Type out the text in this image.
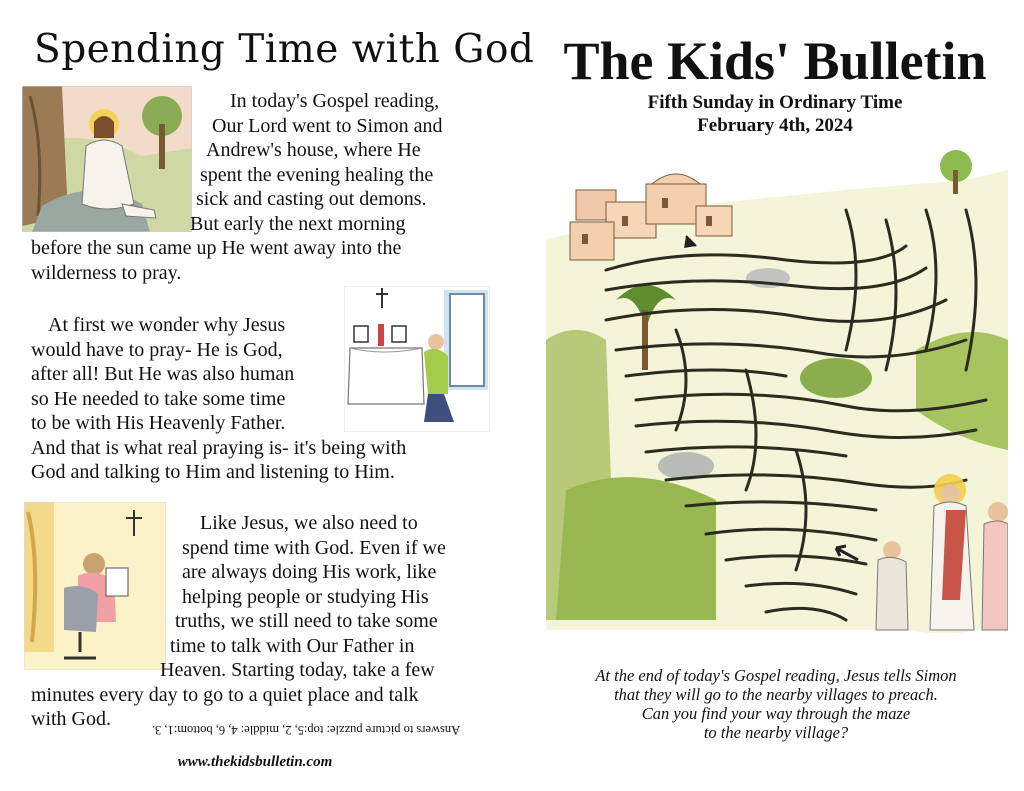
Spending Time with God
In today's Gospel reading,
Our Lord went to Simon and
Andrew's house, where He
spent the evening healing the
sick and casting out demons.
But early the next morning
before the sun came up He went away into the
wilderness to pray.
At first we wonder why Jesus
would have to pray- He is God,
after all! But He was also human
so He needed to take some time
to be with His Heavenly Father.
And that is what real praying is- it's being with
God and talking to Him and listening to Him.
Like Jesus, we also need to
spend time with God. Even if we
are always doing His work, like
helping people or studying His
truths, we still need to take some
time to talk with Our Father in
Heaven. Starting today, take a few
minutes every day to go to a quiet place and talk
with God.	Answers to picture puzzle: top:5, 2, middle: 4, 6, bottom:1, 3.
www.thekidsbulletin.com
The Kids' Bulletin
Fifth Sunday in Ordinary Time
February 4th, 2024
At the end of today's Gospel reading, Jesus tells Simon
that they will go to the nearby villages to preach.
Can you find your way through the maze
to the nearby village?
